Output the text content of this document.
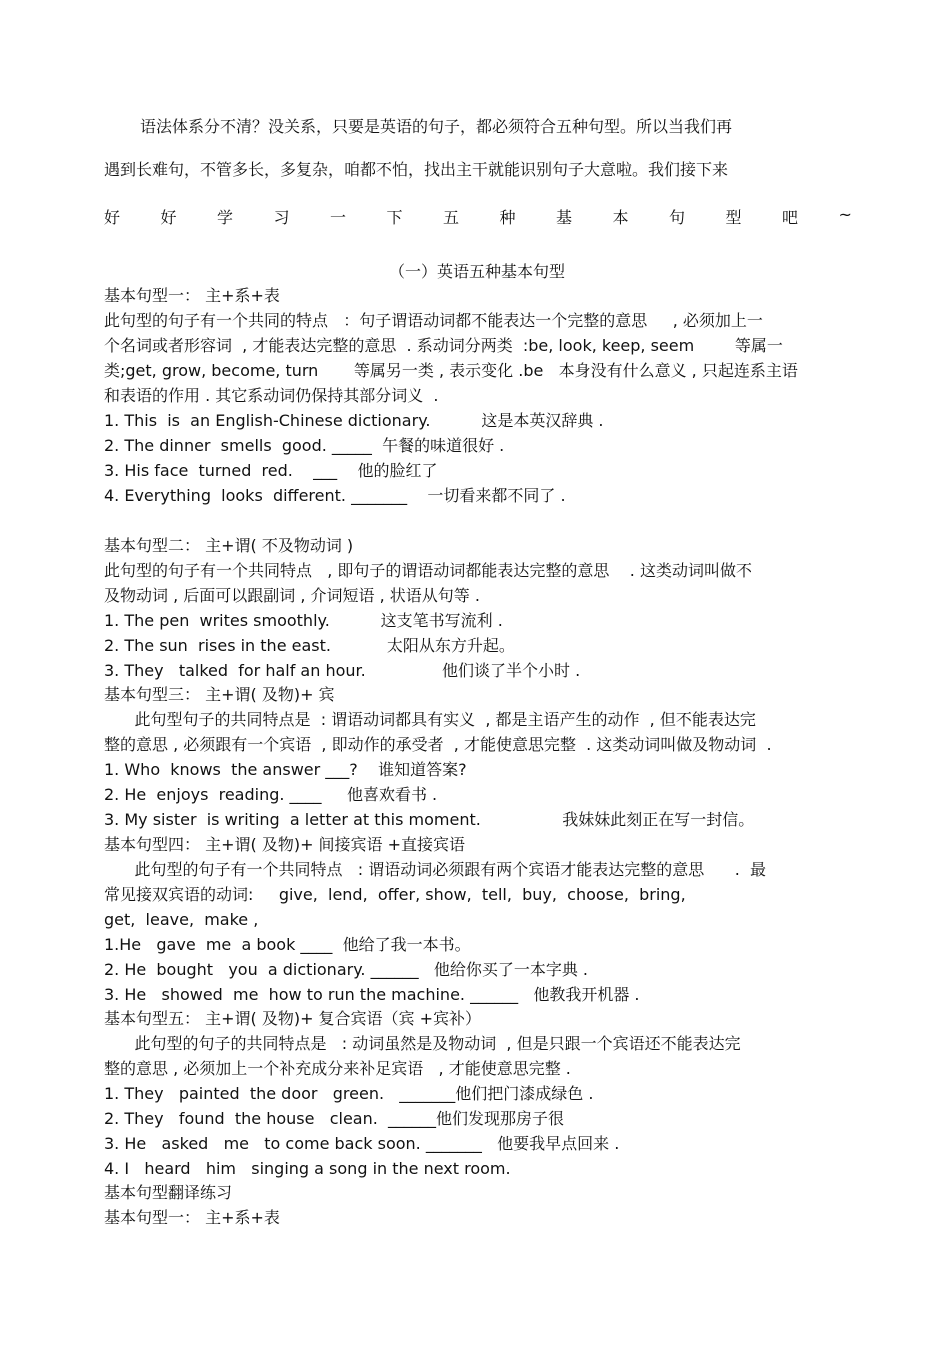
语法体系分不清？没关系，只要是英语的句子，都必须符合五种句型。所以当我们再
遇到长难句，不管多长，多复杂，咱都不怕，找出主干就能识别句子大意啦。我们接下来
好	好	学	习	一	下	五	种	基	本	句	型	吧	~
（一）英语五种基本句型
基本句型一： 主+系+表
此句型的句子有一个共同的特点   ：句子谓语动词都不能表达一个完整的意思     , 必须加上一
个名词或者形容词  , 才能表达完整的意思  . 系动词分两类  :be, look, keep, seem        等属一
类;get, grow, become, turn       等属另一类 , 表示变化 .be   本身没有什么意义 , 只起连系主语
和表语的作用 . 其它系动词仍保持其部分词义  .
1. This  is  an English-Chinese dictionary.          这是本英汉辞典 .
2. The dinner  smells  good. _____  午餐的味道很好 .
3. His face  turned  red.    ___    他的脸红了
4. Everything  looks  different. _______    一切看来都不同了 .
基本句型二： 主+谓( 不及物动词 )
此句型的句子有一个共同特点   , 即句子的谓语动词都能表达完整的意思    . 这类动词叫做不
及物动词 , 后面可以跟副词 , 介词短语 , 状语从句等 .
1. The pen  writes smoothly.          这支笔书写流利 .
2. The sun  rises in the east.           太阳从东方升起。
3. They   talked  for half an hour.               他们谈了半个小时 .
基本句型三： 主+谓( 及物)+ 宾
此句型句子的共同特点是  : 谓语动词都具有实义  , 都是主语产生的动作  , 但不能表达完
整的意思 , 必须跟有一个宾语  , 即动作的承受者  , 才能使意思完整  . 这类动词叫做及物动词  .
1. Who  knows  the answer ___?    谁知道答案?
2. He  enjoys  reading. ____     他喜欢看书 .
3. My sister  is writing  a letter at this moment.                我妹妹此刻正在写一封信。
基本句型四： 主+谓( 及物)+ 间接宾语 +直接宾语
此句型的句子有一个共同特点   : 谓语动词必须跟有两个宾语才能表达完整的意思      .  最
常见接双宾语的动词:     give,  lend,  offer, show,  tell,  buy,  choose,  bring,
get,  leave,  make ,
1.He   gave  me  a book ____  他给了我一本书。
2. He  bought   you  a dictionary. ______   他给你买了一本字典 .
3. He   showed  me  how to run the machine. ______   他教我开机器 .
基本句型五： 主+谓( 及物)+ 复合宾语（宾 +宾补）
此句型的句子的共同特点是   : 动词虽然是及物动词  , 但是只跟一个宾语还不能表达完
整的意思 , 必须加上一个补充成分来补足宾语   , 才能使意思完整 .
1. They   painted  the door   green.   _______他们把门漆成绿色 .
2. They   found  the house   clean.  ______他们发现那房子很
3. He   asked   me   to come back soon. _______   他要我早点回来 .
4. I   heard   him   singing a song in the next room.
基本句型翻译练习
基本句型一： 主+系+表
